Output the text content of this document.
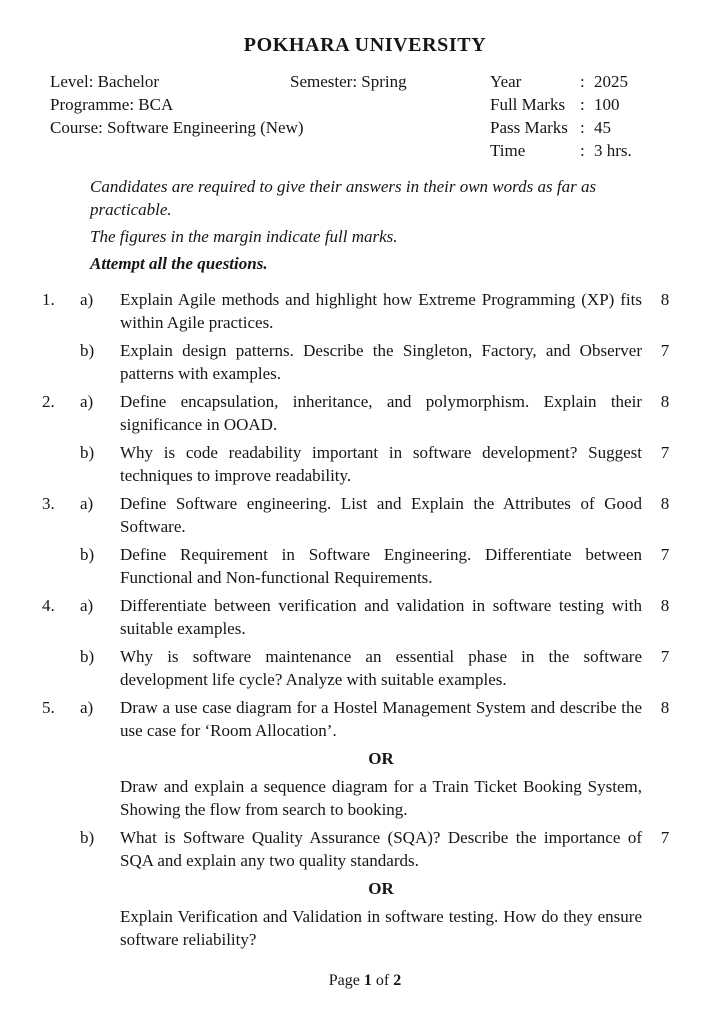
POKHARA UNIVERSITY
Level: Bachelor	Semester: Spring
Programme: BCA
Course: Software Engineering (New)
Year	: 2025
Full Marks : 100
Pass Marks : 45
Time	: 3 hrs.
Candidates are required to give their answers in their own words as far as practicable.
The figures in the margin indicate full marks.
Attempt all the questions.
1.	a)	Explain Agile methods and highlight how Extreme Programming (XP) fits within Agile practices.
8
b)	Explain design patterns. Describe the Singleton, Factory, and Observer patterns with examples.
7
2.	a)	Define encapsulation, inheritance, and polymorphism. Explain their significance in OOAD.
8
b)	Why is code readability important in software development? Suggest techniques to improve readability.
7
3.	a)	Define Software engineering. List and Explain the Attributes of Good Software.
8
b)	Define Requirement in Software Engineering. Differentiate between Functional and Non-functional Requirements.
7
4.	a)	Differentiate between verification and validation in software testing with suitable examples.
8
b)	Why is software maintenance an essential phase in the software development life cycle? Analyze with suitable examples.
7
5.	a)	Draw a use case diagram for a Hostel Management System and describe the use case for ‘Room Allocation’.
8
OR
Draw and explain a sequence diagram for a Train Ticket Booking System, Showing the flow from search to booking.
b)	What is Software Quality Assurance (SQA)? Describe the importance of SQA and explain any two quality standards.
7
OR
Explain Verification and Validation in software testing. How do they ensure software reliability?
Page 1 of 2
